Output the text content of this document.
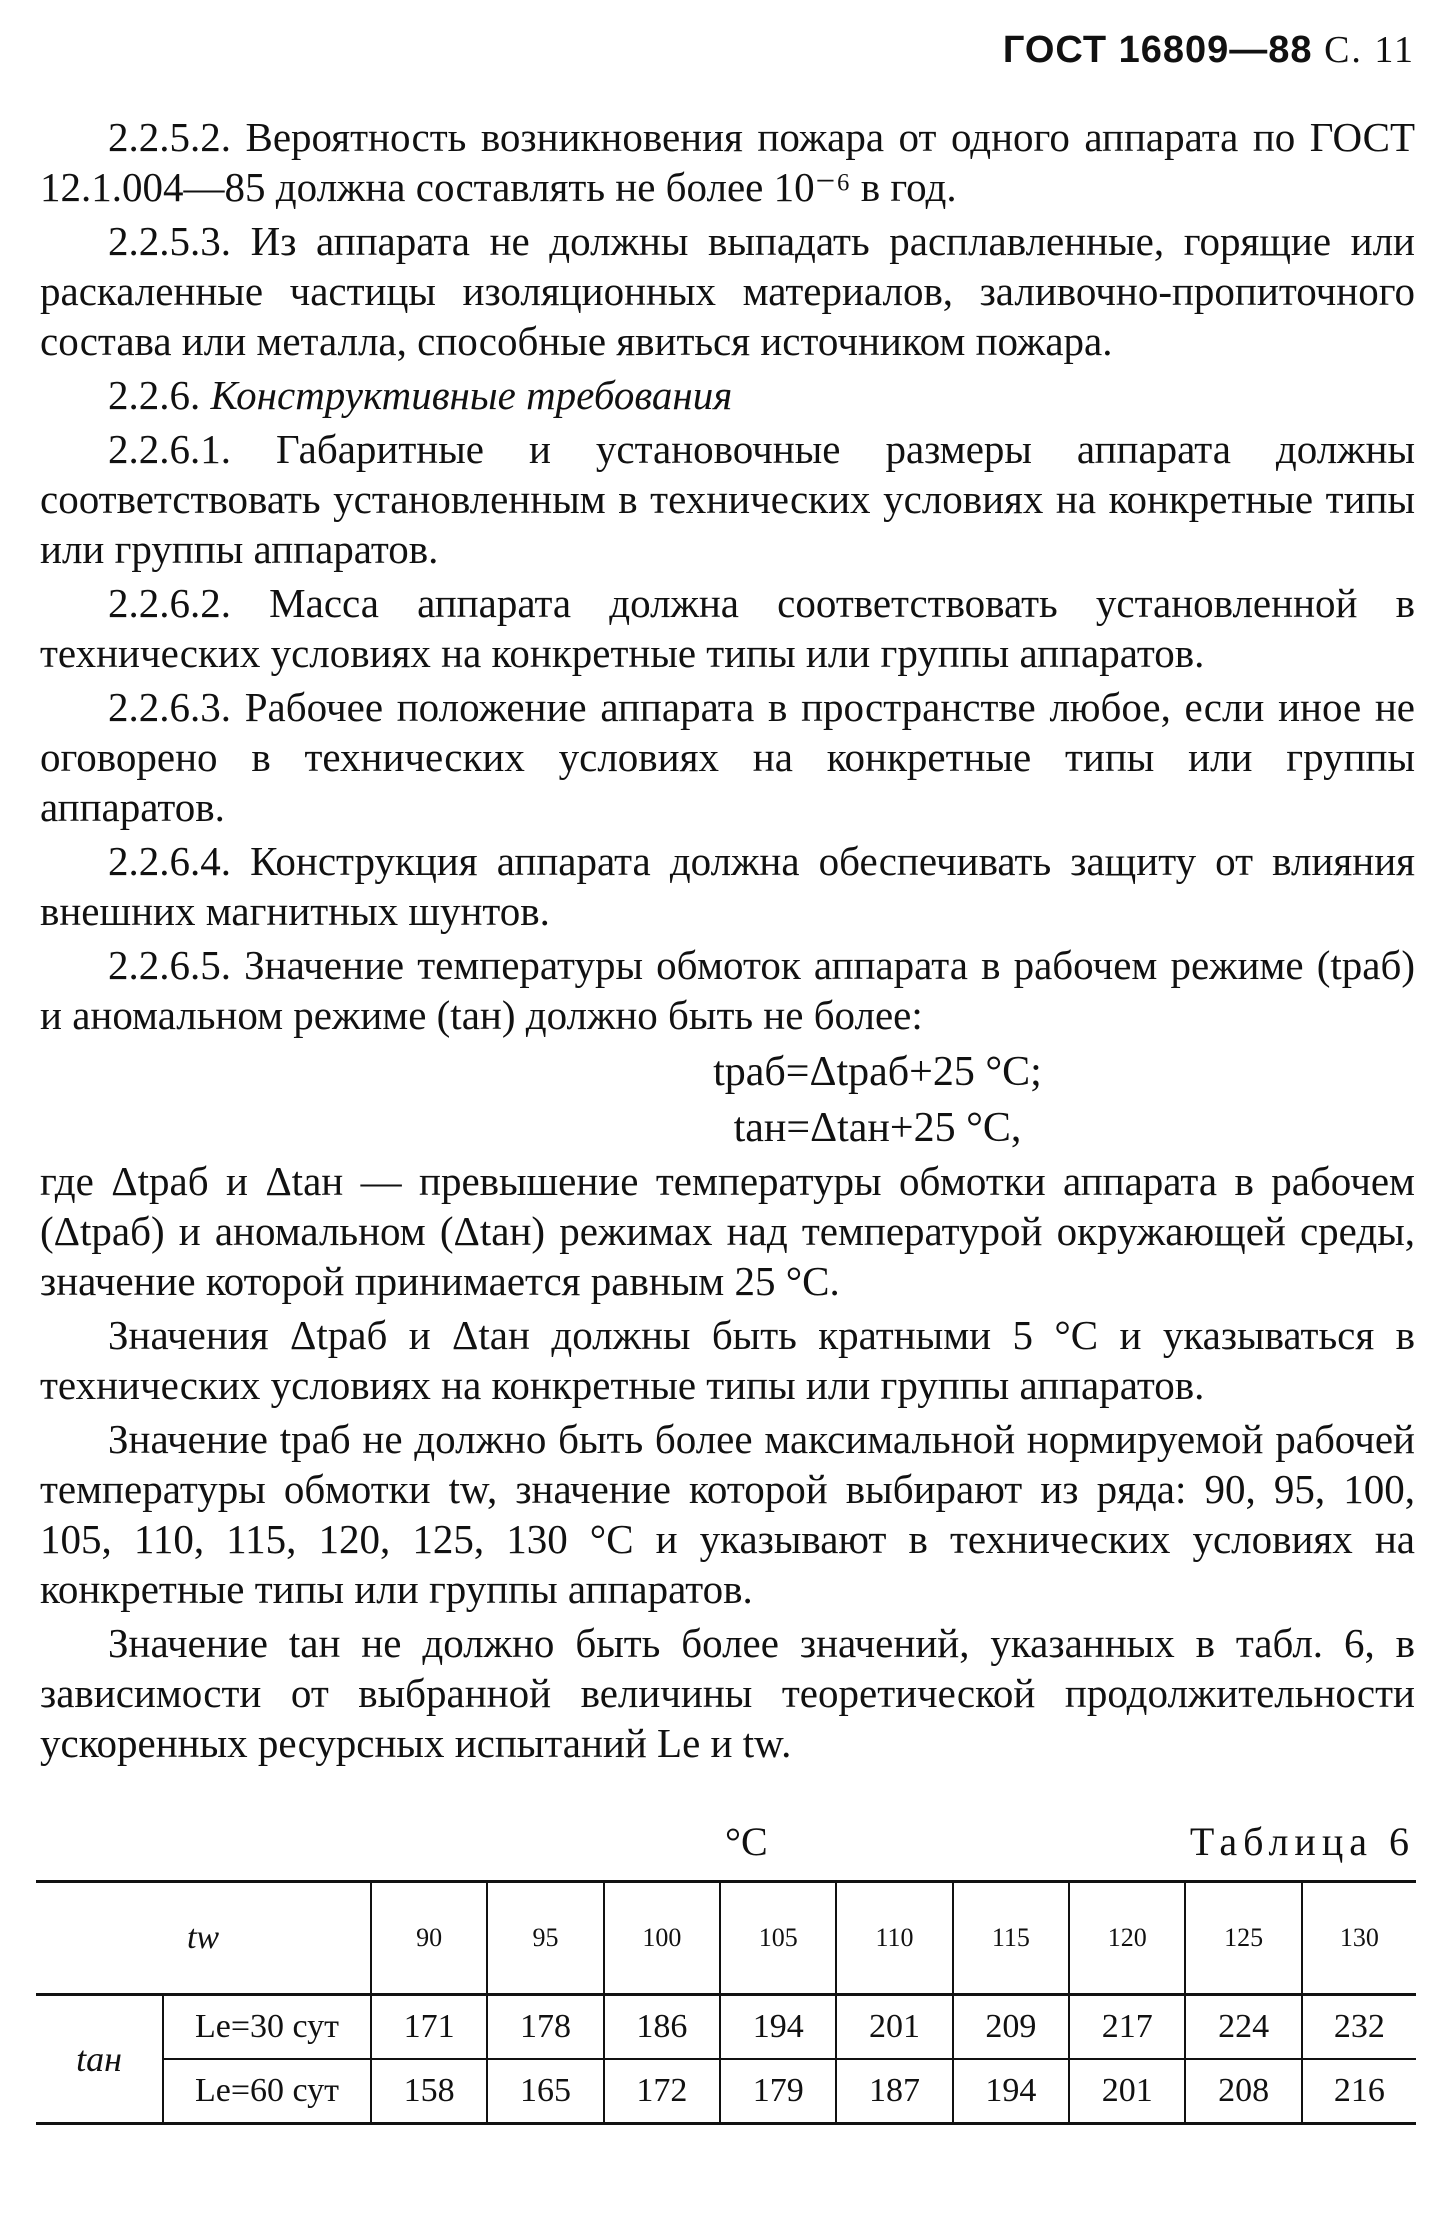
ГОСТ 16809—88 С. 11

2.2.5.2. Вероятность возникновения пожара от одного аппарата по ГОСТ 12.1.004—85 должна составлять не более 10⁻⁶ в год.

2.2.5.3. Из аппарата не должны выпадать расплавленные, горящие или раскаленные частицы изоляционных материалов, заливочно-пропиточного состава или металла, способные явиться источником пожара.

2.2.6. Конструктивные требования

2.2.6.1. Габаритные и установочные размеры аппарата должны соответствовать установленным в технических условиях на конкретные типы или группы аппаратов.

2.2.6.2. Масса аппарата должна соответствовать установленной в технических условиях на конкретные типы или группы аппаратов.

2.2.6.3. Рабочее положение аппарата в пространстве любое, если иное не оговорено в технических условиях на конкретные типы или группы аппаратов.

2.2.6.4. Конструкция аппарата должна обеспечивать защиту от влияния внешних магнитных шунтов.

2.2.6.5. Значение температуры обмоток аппарата в рабочем режиме (tраб) и аномальном режиме (tан) должно быть не более:

tраб=Δtраб+25 °C;

tан=Δtан+25 °C,

где Δtраб и Δtан — превышение температуры обмотки аппарата в рабочем (Δtраб) и аномальном (Δtан) режимах над температурой окружающей среды, значение которой принимается равным 25 °C.

Значения Δtраб и Δtан должны быть кратными 5 °C и указываться в технических условиях на конкретные типы или группы аппаратов.

Значение tраб не должно быть более максимальной нормируемой рабочей температуры обмотки tw, значение которой выбирают из ряда: 90, 95, 100, 105, 110, 115, 120, 125, 130 °C и указывают в технических условиях на конкретные типы или группы аппаратов.

Значение tан не должно быть более значений, указанных в табл. 6, в зависимости от выбранной величины теоретической продолжительности ускоренных ресурсных испытаний Le и tw.

°C	Таблица 6
tw		90	95	100	105	110	115	120	125	130
tан	Le=30 сут	171	178	186	194	201	209	217	224	232
	Le=60 сут	158	165	172	179	187	194	201	208	216
